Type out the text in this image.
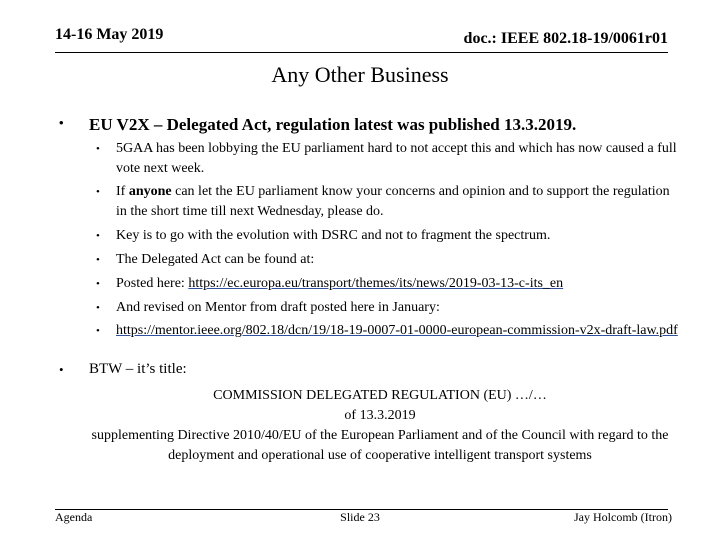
14-16 May 2019	doc.: IEEE 802.18-19/0061r01
Any Other Business
• EU V2X – Delegated Act, regulation latest was published 13.3.2019.
• 5GAA has been lobbying the EU parliament hard to not accept this and which has now caused a full vote next week.
• If anyone can let the EU parliament know your concerns and opinion and to support the regulation in the short time till next Wednesday, please do.
• Key is to go with the evolution with DSRC and not to fragment the spectrum.
• The Delegated Act can be found at:
• Posted here: https://ec.europa.eu/transport/themes/its/news/2019-03-13-c-its_en
• And revised on Mentor from draft posted here in January:
• https://mentor.ieee.org/802.18/dcn/19/18-19-0007-01-0000-european-commission-v2x-draft-law.pdf
• BTW – it’s title:
COMMISSION DELEGATED REGULATION (EU) …/…
of 13.3.2019
supplementing Directive 2010/40/EU of the European Parliament and of the Council with regard to the deployment and operational use of cooperative intelligent transport systems
Agenda	Slide 23	Jay Holcomb (Itron)
